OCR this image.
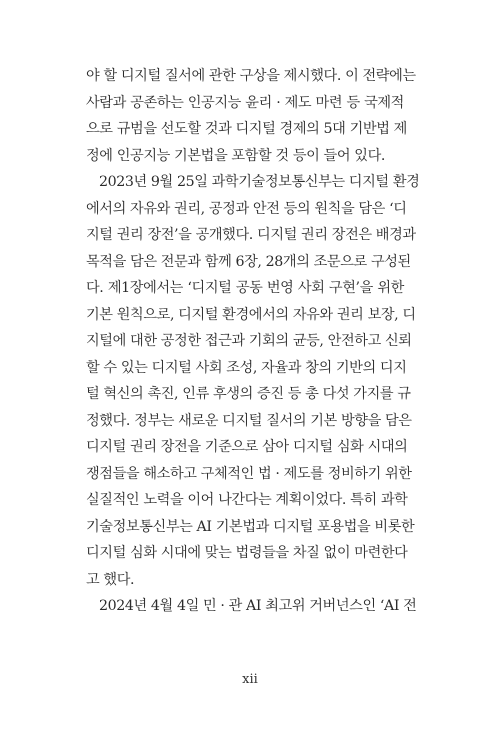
야 할 디지털 질서에 관한 구상을 제시했다. 이 전략에는
사람과 공존하는 인공지능 윤리 · 제도 마련 등 국제적
으로 규범을 선도할 것과 디지털 경제의 5대 기반법 제
정에 인공지능 기본법을 포함할 것 등이 들어 있다.
2023년 9월 25일 과학기술정보통신부는 디지털 환경
에서의 자유와 권리, 공정과 안전 등의 원칙을 담은 ‘디
지털 권리 장전’을 공개했다. 디지털 권리 장전은 배경과
목적을 담은 전문과 함께 6장, 28개의 조문으로 구성된
다. 제1장에서는 ‘디지털 공동 번영 사회 구현’을 위한
기본 원칙으로, 디지털 환경에서의 자유와 권리 보장, 디
지털에 대한 공정한 접근과 기회의 균등, 안전하고 신뢰
할 수 있는 디지털 사회 조성, 자율과 창의 기반의 디지
털 혁신의 촉진, 인류 후생의 증진 등 총 다섯 가지를 규
정했다. 정부는 새로운 디지털 질서의 기본 방향을 담은
디지털 권리 장전을 기준으로 삼아 디지털 심화 시대의
쟁점들을 해소하고 구체적인 법 · 제도를 정비하기 위한
실질적인 노력을 이어 나간다는 계획이었다. 특히 과학
기술정보통신부는 AI 기본법과 디지털 포용법을 비롯한
디지털 심화 시대에 맞는 법령들을 차질 없이 마련한다
고 했다.
2024년 4월 4일 민 · 관 AI 최고위 거버넌스인 ‘AI 전
xii
